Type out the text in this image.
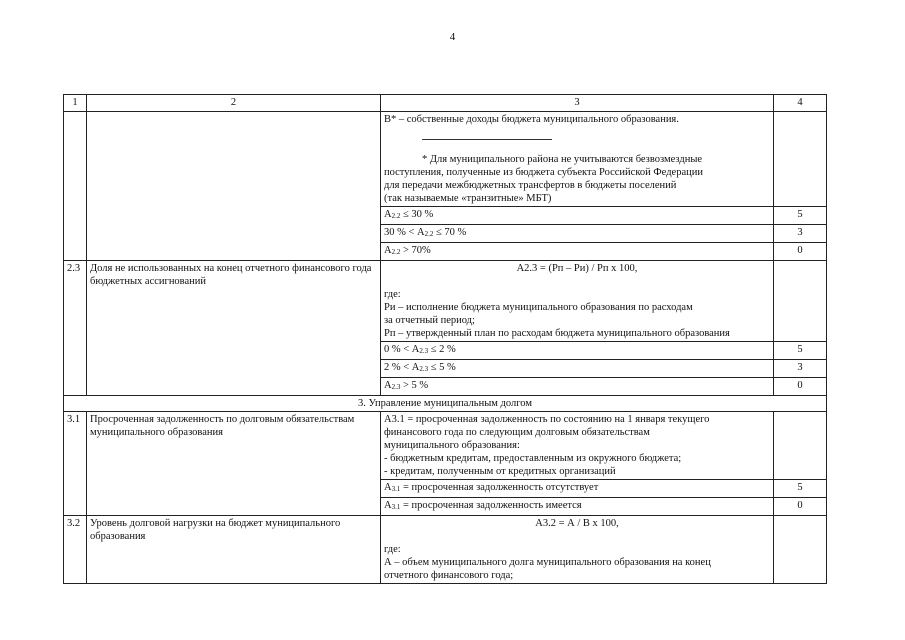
4
1	2	3	4

		В* – собственные доходы бюджета муниципального образования.
* Для муниципального района не учитываются безвозмездные
поступления, полученные из бюджета субъекта Российской Федерации
для передачи межбюджетных трансфертов в бюджеты поселений
(так называемые «транзитные» МБТ)	

		А2.2 ≤ 30 %	5
		30 % < А2.2 ≤ 70 %	3
		А2.2 > 70%	0
2.3	Доля не использованных на конец отчетного финансового года бюджетных ассигнований	А2.3 = (Рп – Ри) / Рп х 100,
где:
Ри – исполнение бюджета муниципального образования по расходам
за отчетный период;
Рп – утвержденный план по расходам бюджета муниципального образования	

		0 % < А2.3 ≤ 2 %	5
		2 % < А2.3 ≤ 5 %	3
		А2.3 > 5 %	0
3. Управление муниципальным долгом			
3.1	Просроченная задолженность по долговым обязательствам муниципального образования	А3.1 = просроченная задолженность по состоянию на 1 января текущего
финансового года по следующим долговым обязательствам
муниципального образования:
- бюджетным кредитам, предоставленным из окружного бюджета;
- кредитам, полученным от кредитных организаций	

		А3.1 = просроченная задолженность отсутствует	5
		А3.1 = просроченная задолженность имеется	0
3.2	Уровень долговой нагрузки на бюджет муниципального образования	А3.2 = А / В х 100,
где:
А – объем муниципального долга муниципального образования на конец
отчетного финансового года;	
